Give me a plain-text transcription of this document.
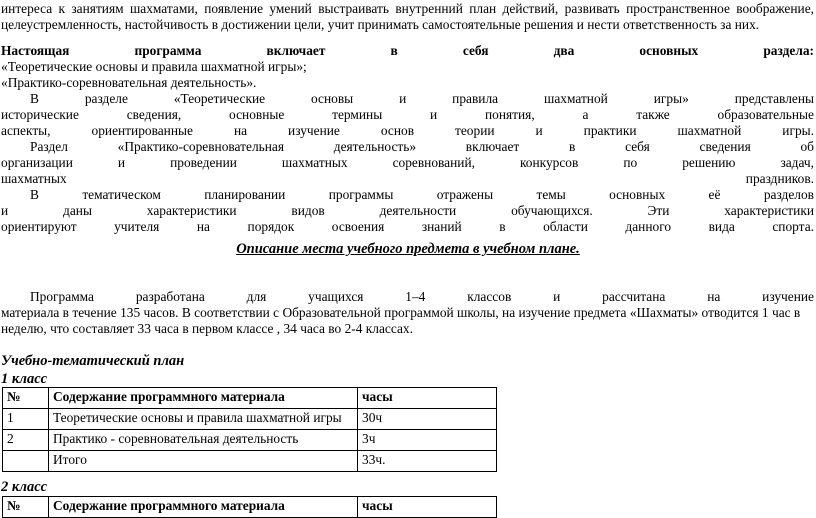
интереса к занятиям шахматами, появление умений выстраивать внутренний план действий, развивать пространственное воображение,

целеустремленность, настойчивость в достижении цели, учит принимать самостоятельные решения и нести ответственность за них.

Настоящая программа включает в себя два основных раздела:

«Теоретические основы и правила шахматной игры»;

«Практико-соревновательная деятельность».

В разделе «Теоретические основы и правила шахматной игры» представлены

исторические сведения, основные термины и понятия, а также образовательные

аспекты, ориентированные на изучение основ теории и практики шахматной игры.

Раздел «Практико-соревновательная деятельность» включает в себя сведения об

организации и проведении шахматных соревнований, конкурсов по решению задач,

шахматных	праздников.

В тематическом планировании программы отражены темы основных её разделов

и даны характеристики видов деятельности обучающихся. Эти характеристики

ориентируют учителя на порядок освоения знаний в области данного вида спорта.

Описание места учебного предмета в учебном плане.

Программа разработана для учащихся 1–4 классов и рассчитана на изучение

материала в течение 135 часов. В соответствии с Образовательной программой школы, на изучение предмета «Шахматы» отводится 1 час в

неделю, что составляет 33 часа в первом классе , 34 часа во 2-4 классах.

Учебно-тематический план

1 класс

№	Содержание программного материала	часы
1	Теоретические основы и правила шахматной игры	30ч
2	Практико - соревновательная деятельность	3ч
	Итого	33ч.

2 класс

№	Содержание программного материала	часы
